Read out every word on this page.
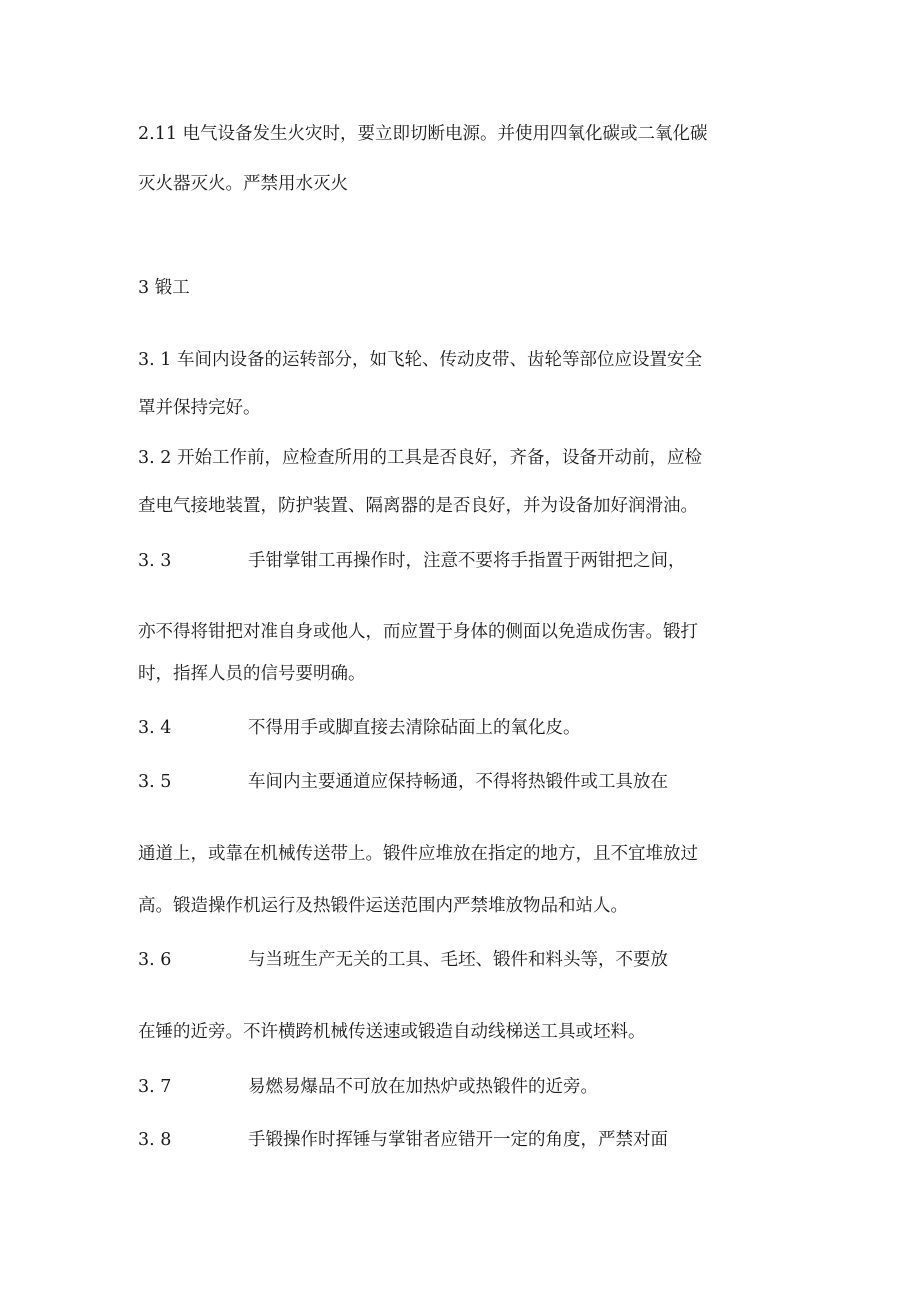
2.11 电气设备发生火灾时，要立即切断电源。并使用四氧化碳或二氧化碳
灭火器灭火。严禁用水灭火
3 锻工
3. 1 车间内设备的运转部分，如飞轮、传动皮带、齿轮等部位应设置安全
罩并保持完好。
3. 2 开始工作前，应检查所用的工具是否良好，齐备，设备开动前，应检
查电气接地装置，防护装置、隔离器的是否良好，并为设备加好润滑油。
3. 3	手钳掌钳工再操作时，注意不要将手指置于两钳把之间，
亦不得将钳把对准自身或他人，而应置于身体的侧面以免造成伤害。锻打
时，指挥人员的信号要明确。
3. 4	不得用手或脚直接去清除砧面上的氧化皮。
3. 5	车间内主要通道应保持畅通，不得将热锻件或工具放在
通道上，或靠在机械传送带上。锻件应堆放在指定的地方，且不宜堆放过
高。锻造操作机运行及热锻件运送范围内严禁堆放物品和站人。
3. 6	与当班生产无关的工具、毛坯、锻件和料头等，不要放
在锤的近旁。不许横跨机械传送速或锻造自动线梯送工具或坯料。
3. 7	易燃易爆品不可放在加热炉或热锻件的近旁。
3. 8	手锻操作时挥锤与掌钳者应错开一定的角度，严禁对面
